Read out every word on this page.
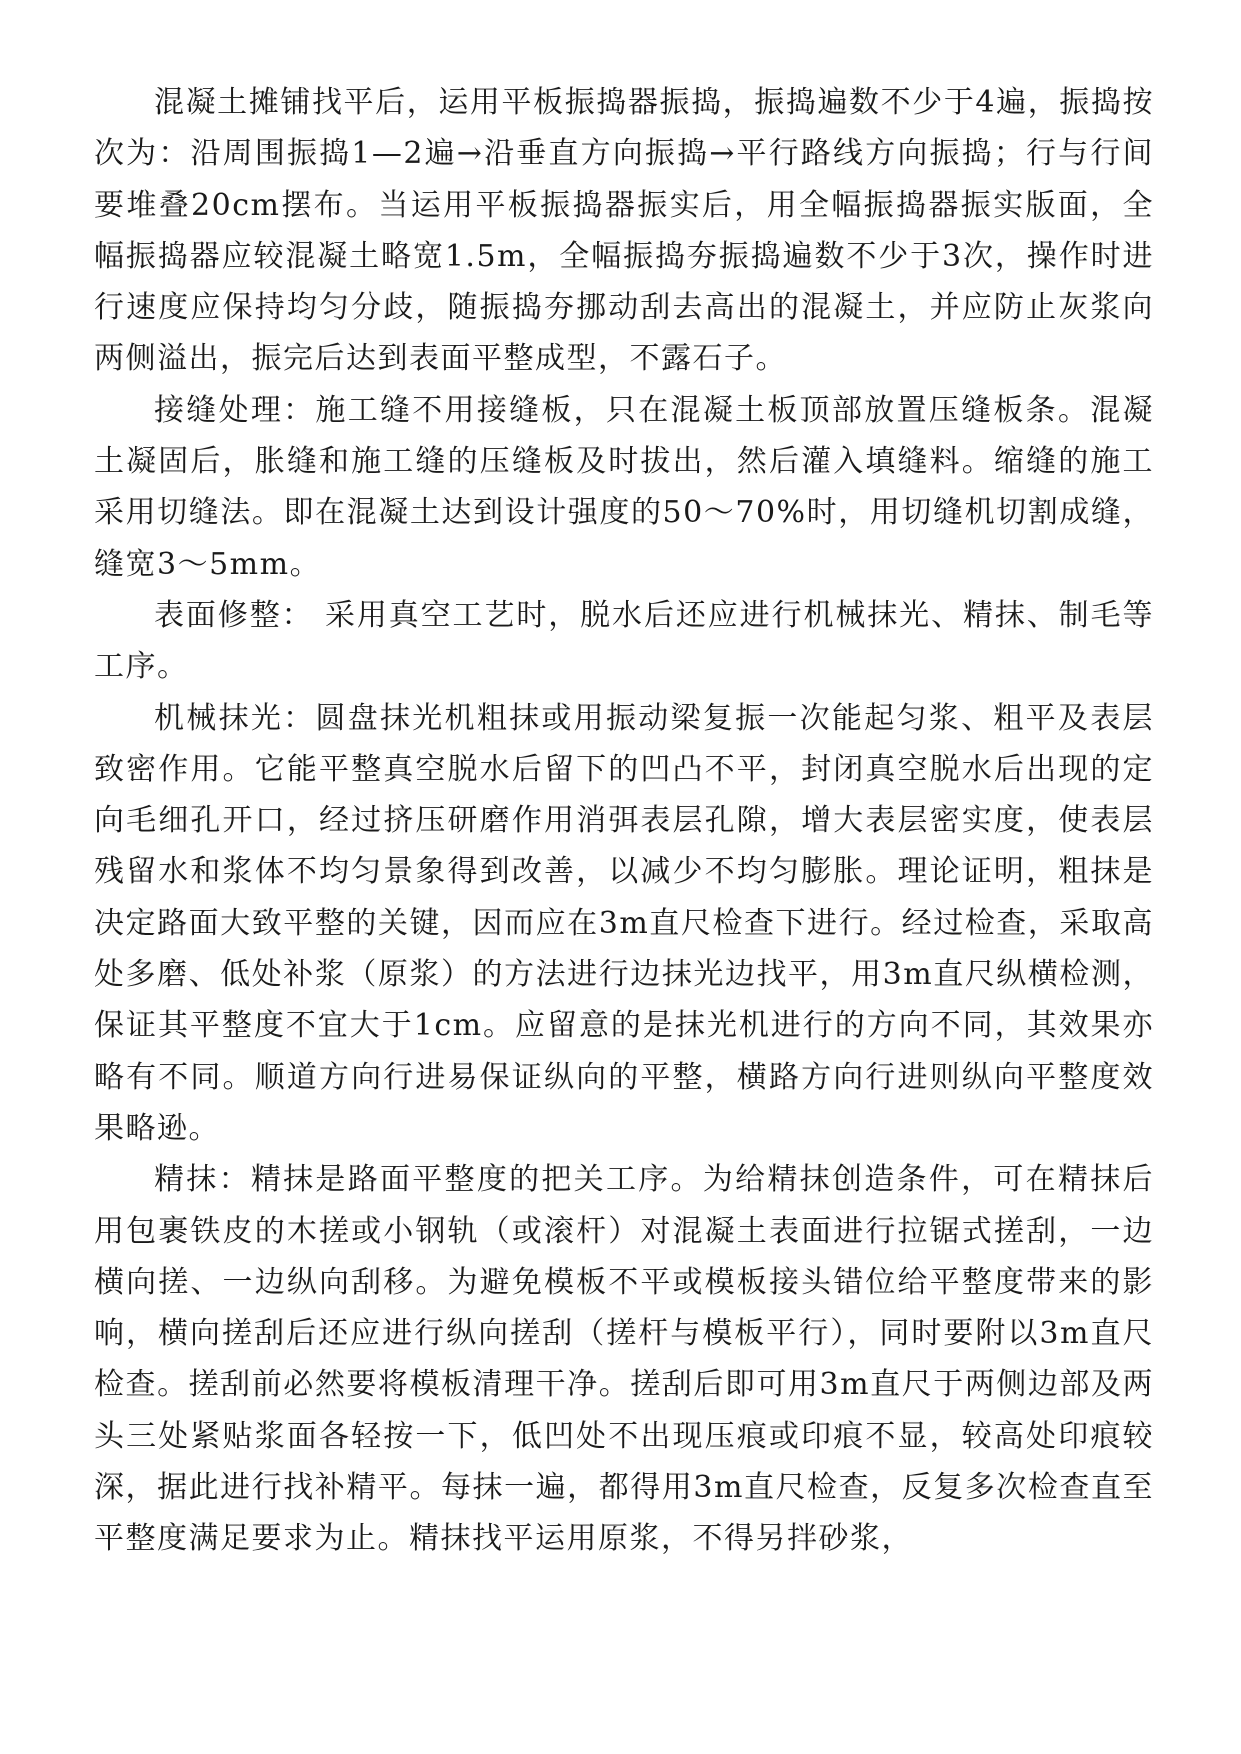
混凝土摊铺找平后，运用平板振捣器振捣，振捣遍数不少于4遍，振捣按次为：沿周围振捣1—2遍→沿垂直方向振捣→平行路线方向振捣；行与行间要堆叠20cm摆布。当运用平板振捣器振实后，用全幅振捣器振实版面，全幅振捣器应较混凝土略宽1.5m，全幅振捣夯振捣遍数不少于3次，操作时进行速度应保持均匀分歧，随振捣夯挪动刮去高出的混凝土，并应防止灰浆向两侧溢出，振完后达到表面平整成型，不露石子。

接缝处理：施工缝不用接缝板，只在混凝土板顶部放置压缝板条。混凝土凝固后，胀缝和施工缝的压缝板及时拔出，然后灌入填缝料。缩缝的施工采用切缝法。即在混凝土达到设计强度的50～70%时，用切缝机切割成缝，缝宽3～5mm。

表面修整： 采用真空工艺时，脱水后还应进行机械抹光、精抹、制毛等工序。

机械抹光：圆盘抹光机粗抹或用振动梁复振一次能起匀浆、粗平及表层致密作用。它能平整真空脱水后留下的凹凸不平，封闭真空脱水后出现的定向毛细孔开口，经过挤压研磨作用消弭表层孔隙，增大表层密实度，使表层残留水和浆体不均匀景象得到改善，以减少不均匀膨胀。理论证明，粗抹是决定路面大致平整的关键，因而应在3m直尺检查下进行。经过检查，采取高处多磨、低处补浆（原浆）的方法进行边抹光边找平，用3m直尺纵横检测，保证其平整度不宜大于1cm。应留意的是抹光机进行的方向不同，其效果亦略有不同。顺道方向行进易保证纵向的平整，横路方向行进则纵向平整度效果略逊。

精抹：精抹是路面平整度的把关工序。为给精抹创造条件，可在精抹后用包裹铁皮的木搓或小钢轨（或滚杆）对混凝土表面进行拉锯式搓刮，一边横向搓、一边纵向刮移。为避免模板不平或模板接头错位给平整度带来的影响，横向搓刮后还应进行纵向搓刮（搓杆与模板平行），同时要附以3m直尺检查。搓刮前必然要将模板清理干净。搓刮后即可用3m直尺于两侧边部及两头三处紧贴浆面各轻按一下，低凹处不出现压痕或印痕不显，较高处印痕较深，据此进行找补精平。每抹一遍，都得用3m直尺检查，反复多次检查直至平整度满足要求为止。精抹找平运用原浆，不得另拌砂浆，
